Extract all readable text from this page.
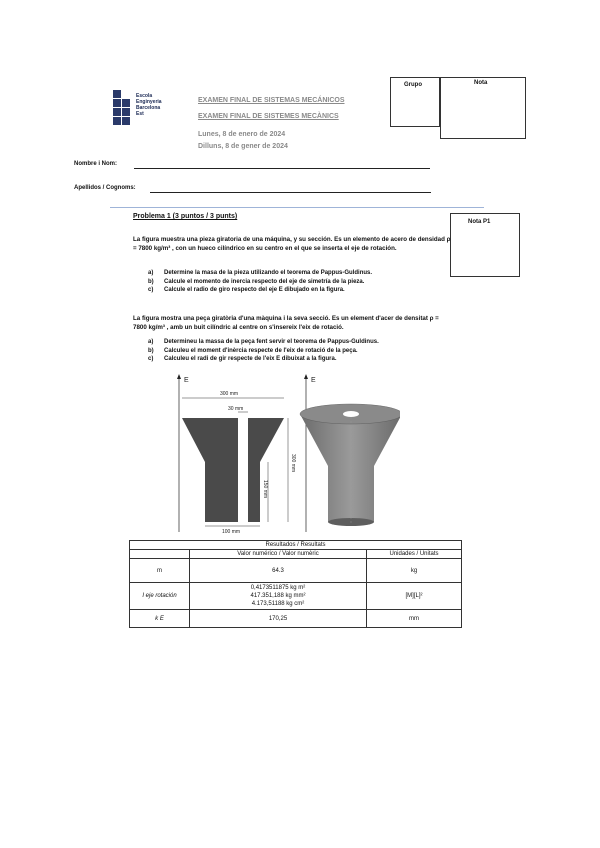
Escola
Enginyeria
Barcelona
Est
EXAMEN FINAL DE SISTEMAS MECÁNICOS
EXAMEN FINAL DE SISTEMES MECÀNICS
Lunes, 8 de enero de 2024
Dilluns, 8 de gener de 2024
Grupo	Nota
Nombre i Nom:
Apellidos / Cognoms:
Problema 1 (3 puntos / 3 punts)
Nota P1
La figura muestra una pieza giratoria de una máquina, y su sección. Es un elemento de acero de densidad ρ = 7800 kg/m³ , con un hueco cilíndrico en su centro en el que se inserta el eje de rotación.
a) Determine la masa de la pieza utilizando el teorema de Pappus-Guldinus.
b) Calcule el momento de inercia respecto del eje de simetría de la pieza.
c) Calcule el radio de giro respecto del eje E dibujado en la figura.
La figura mostra una peça giratòria d'una màquina i la seva secció. Es un element d'acer de densitat ρ = 7800 kg/m³ , amb un buit cilíndric al centre on s'insereix l'eix de rotació.
a) Determineu la massa de la peça fent servir el teorema de Pappus-Guldinus.
b) Calculeu el moment d'inèrcia respecte de l'eix de rotació de la peça.
c) Calculeu el radi de gir respecte de l'eix E dibuixat a la figura.
E
300 mm
30 mm
300 mm
150 mm
100 mm
E
Resultados / Resultats		
	Valor numérico / Valor numèric	Unidades / Unitats
m	64.3	kg
I eje rotación	0,4173511875 kg m²
417.351,188 kg mm²
4.173,51188 kg cm²	[M][L]²
k E	170,25	mm
